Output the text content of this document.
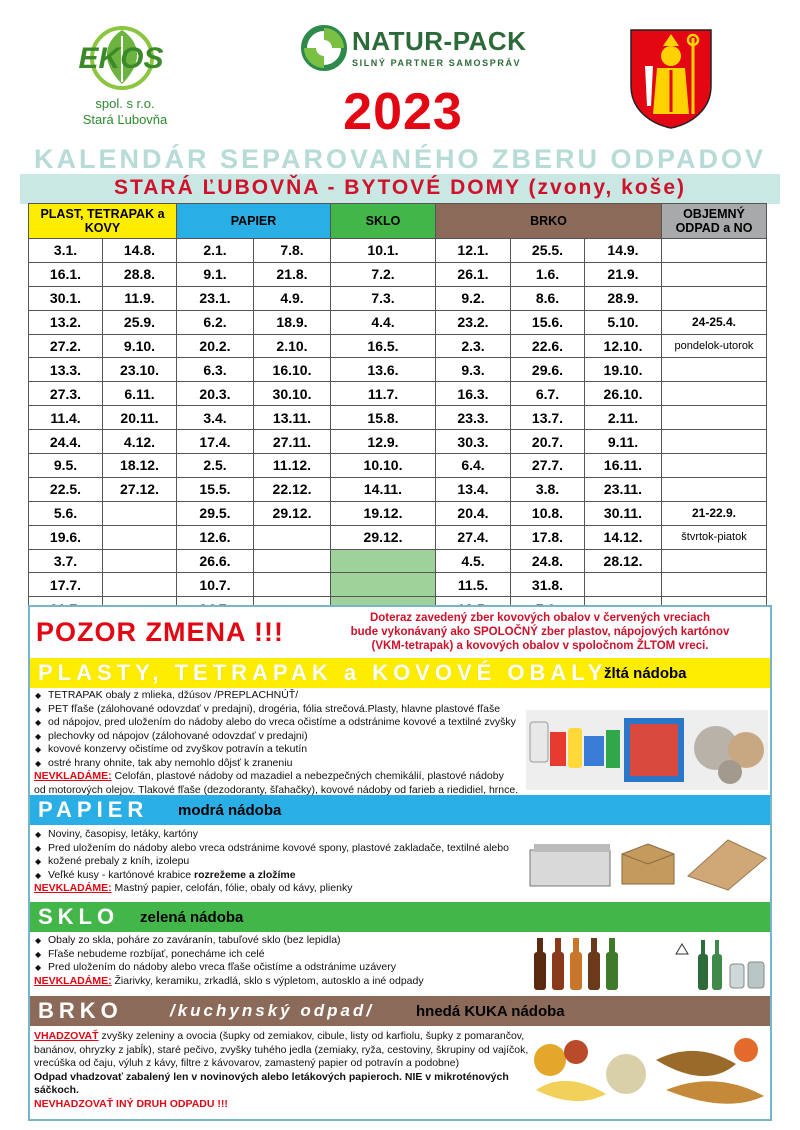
EKOS
spol. s r.o.
Stará Ľubovňa
NATUR-PACK
SILNÝ PARTNER SAMOSPRÁV
2023
KALENDÁR SEPAROVANÉHO ZBERU ODPADOV
STARÁ ĽUBOVŇA - BYTOVÉ DOMY (zvony, koše)
PLAST, TETRAPAK a KOVY		PAPIER		SKLO	BRKO			OBJEMNÝ ODPAD a NO
3.1.	14.8.	2.1.	7.8.	10.1.	12.1.	25.5.	14.9.	
16.1.	28.8.	9.1.	21.8.	7.2.	26.1.	1.6.	21.9.	
30.1.	11.9.	23.1.	4.9.	7.3.	9.2.	8.6.	28.9.	
13.2.	25.9.	6.2.	18.9.	4.4.	23.2.	15.6.	5.10.	24-25.4.
27.2.	9.10.	20.2.	2.10.	16.5.	2.3.	22.6.	12.10.	pondelok-utorok
13.3.	23.10.	6.3.	16.10.	13.6.	9.3.	29.6.	19.10.	
27.3.	6.11.	20.3.	30.10.	11.7.	16.3.	6.7.	26.10.	
11.4.	20.11.	3.4.	13.11.	15.8.	23.3.	13.7.	2.11.	
24.4.	4.12.	17.4.	27.11.	12.9.	30.3.	20.7.	9.11.	
9.5.	18.12.	2.5.	11.12.	10.10.	6.4.	27.7.	16.11.	
22.5.	27.12.	15.5.	22.12.	14.11.	13.4.	3.8.	23.11.	
5.6.		29.5.	29.12.	19.12.	20.4.	10.8.	30.11.	21-22.9.
19.6.		12.6.		29.12.	27.4.	17.8.	14.12.	štvrtok-piatok
3.7.		26.6.			4.5.	24.8.	28.12.	
17.7.		10.7.			11.5.	31.8.		

POZOR ZMENA !!!	Doteraz zavedený zber kovových obalov v červených vreciach
bude vykonávaný ako SPOLOČNÝ zber plastov, nápojových kartónov
(VKM-tetrapak) a kovových obalov v spoločnom ŽLTOM vreci.
PLASTY, TETRAPAK a KOVOVÉ OBALY
žltá nádoba
◆ TETRAPAK obaly z mlieka, džúsov /PREPLACHNÚŤ/
◆ PET fľaše (zálohované odovzdať v predajni), drogéria, fólia strečová.Plasty, hlavne plastové fľaše
◆ od nápojov, pred uložením do nádoby alebo do vreca očistíme a odstránime kovové a textilné zvyšky
◆ plechovky od nápojov (zálohované odovzdať v predajni)
◆ kovové konzervy očistíme od zvyškov potravín a tekutín
◆ ostré hrany ohnite, tak aby nemohlo dôjsť k zraneniu
NEVKLADÁME: Celofán, plastové nádoby od mazadiel a nebezpečných chemikálií, plastové nádoby
od motorových olejov. Tlakové fľaše (dezodoranty, šľahačky), kovové nádoby od farieb a riedidiel, hrnce.
PAPIER modrá nádoba
◆ Noviny, časopisy, letáky, kartóny
◆ Pred uložením do nádoby alebo vreca odstránime kovové spony, plastové zakladače, textilné alebo
◆ kožené prebaly z kníh, izolepu
◆ Veľké kusy - kartónové krabice rozrežeme a zložíme
NEVKLADÁME: Mastný papier, celofán, fólie, obaly od kávy, plienky
SKLO zelená nádoba
◆ Obaly zo skla, poháre zo zaváranín, tabuľové sklo (bez lepidla)
◆ Fľaše nebudeme rozbíjať, ponecháme ich celé
◆ Pred uložením do nádoby alebo vreca fľaše očistíme a odstránime uzávery
NEVKLADÁME: Žiarivky, keramiku, zrkadlá, sklo s výpletom, autosklo a iné odpady
BRKO	/kuchynský odpad/	hnedá KUKA nádoba
VHADZOVAŤ zvyšky zeleniny a ovocia (šupky od zemiakov, cibule, listy od karfiolu, šupky z pomarančov,
banánov, ohryzky z jabĺk), staré pečivo, zvyšky tuhého jedla (zemiaky, ryža, cestoviny, škrupiny od vajíčok,
vrecúška od čaju, výluh z kávy, filtre z kávovarov, zamastený papier od potravín a podobne)
Odpad vhadzovať zabalený len v novinových alebo letákových papieroch. NIE v mikroténových sáčkoch.
NEVHADZOVAŤ INÝ DRUH ODPADU !!!
